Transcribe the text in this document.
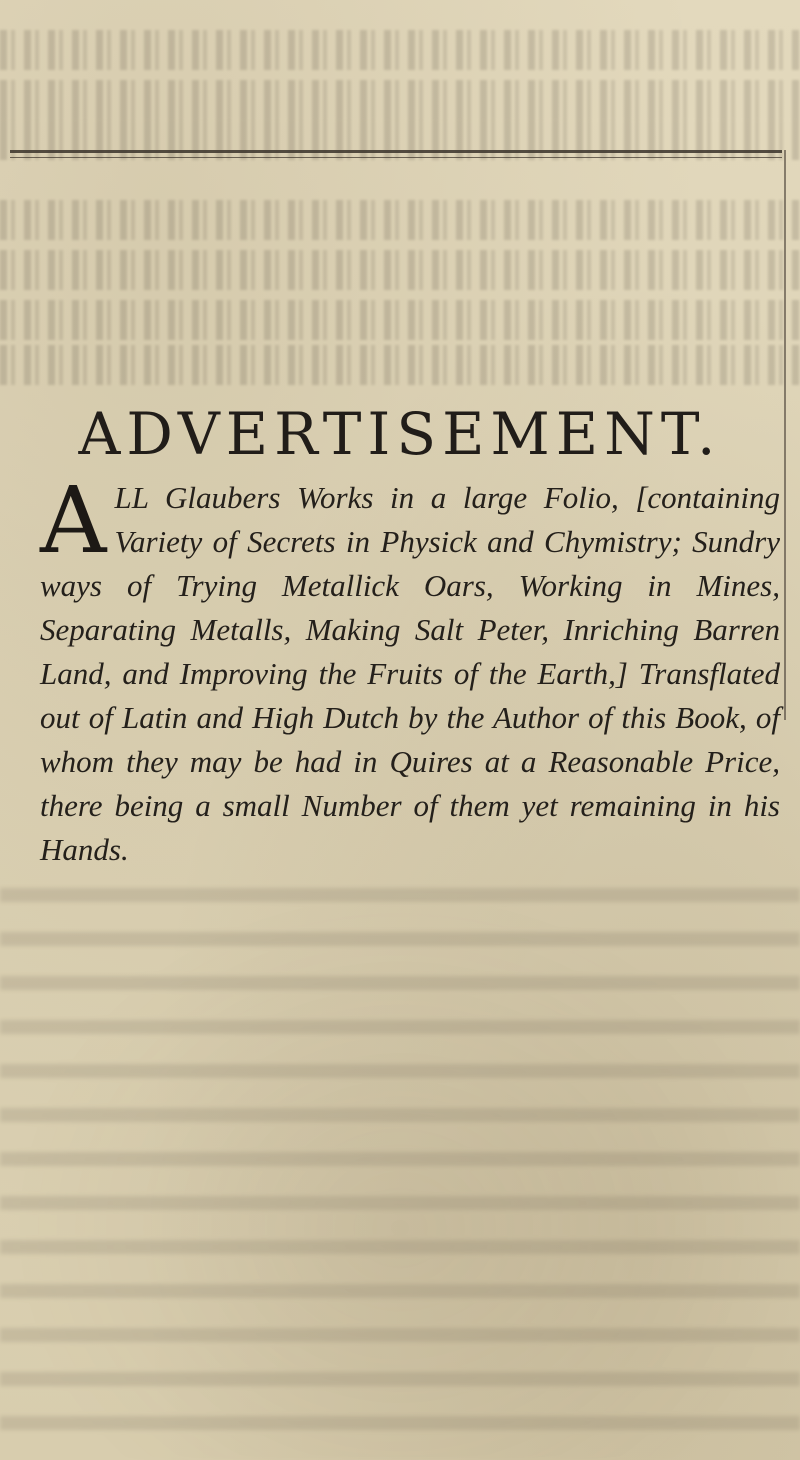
ADVERTISEMENT.

ALL Glaubers Works in a large Folio, [containing Variety of Secrets in Physick and Chymistry; Sundry ways of Trying Metallick Oars, Working in Mines, Separating Metalls, Making Salt Peter, Inriching Barren Land, and Improving the Fruits of the Earth,] Transflated out of Latin and High Dutch by the Author of this Book, of whom they may be had in Quires at a Reasonable Price, there being a small Number of them yet remaining in his Hands.
